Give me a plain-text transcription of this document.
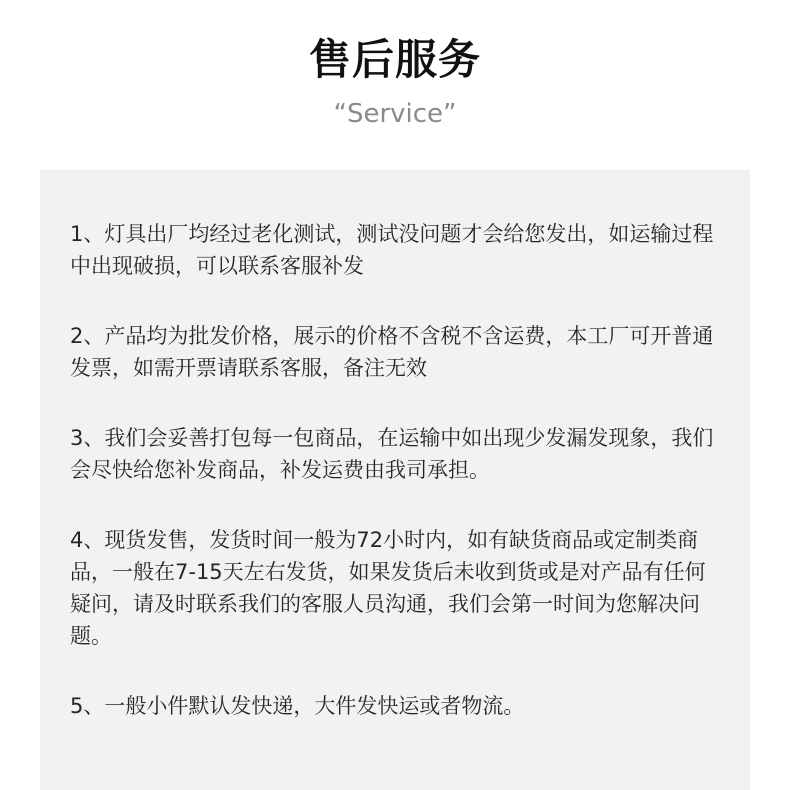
售后服务
“Service”
1、灯具出厂均经过老化测试，测试没问题才会给您发出，如运输过程中出现破损，可以联系客服补发
2、产品均为批发价格，展示的价格不含税不含运费，本工厂可开普通发票，如需开票请联系客服，备注无效
3、我们会妥善打包每一包商品，在运输中如出现少发漏发现象，我们会尽快给您补发商品，补发运费由我司承担。
4、现货发售，发货时间一般为72小时内，如有缺货商品或定制类商品，一般在7-15天左右发货，如果发货后未收到货或是对产品有任何疑问，请及时联系我们的客服人员沟通，我们会第一时间为您解决问题。
5、一般小件默认发快递，大件发快运或者物流。
